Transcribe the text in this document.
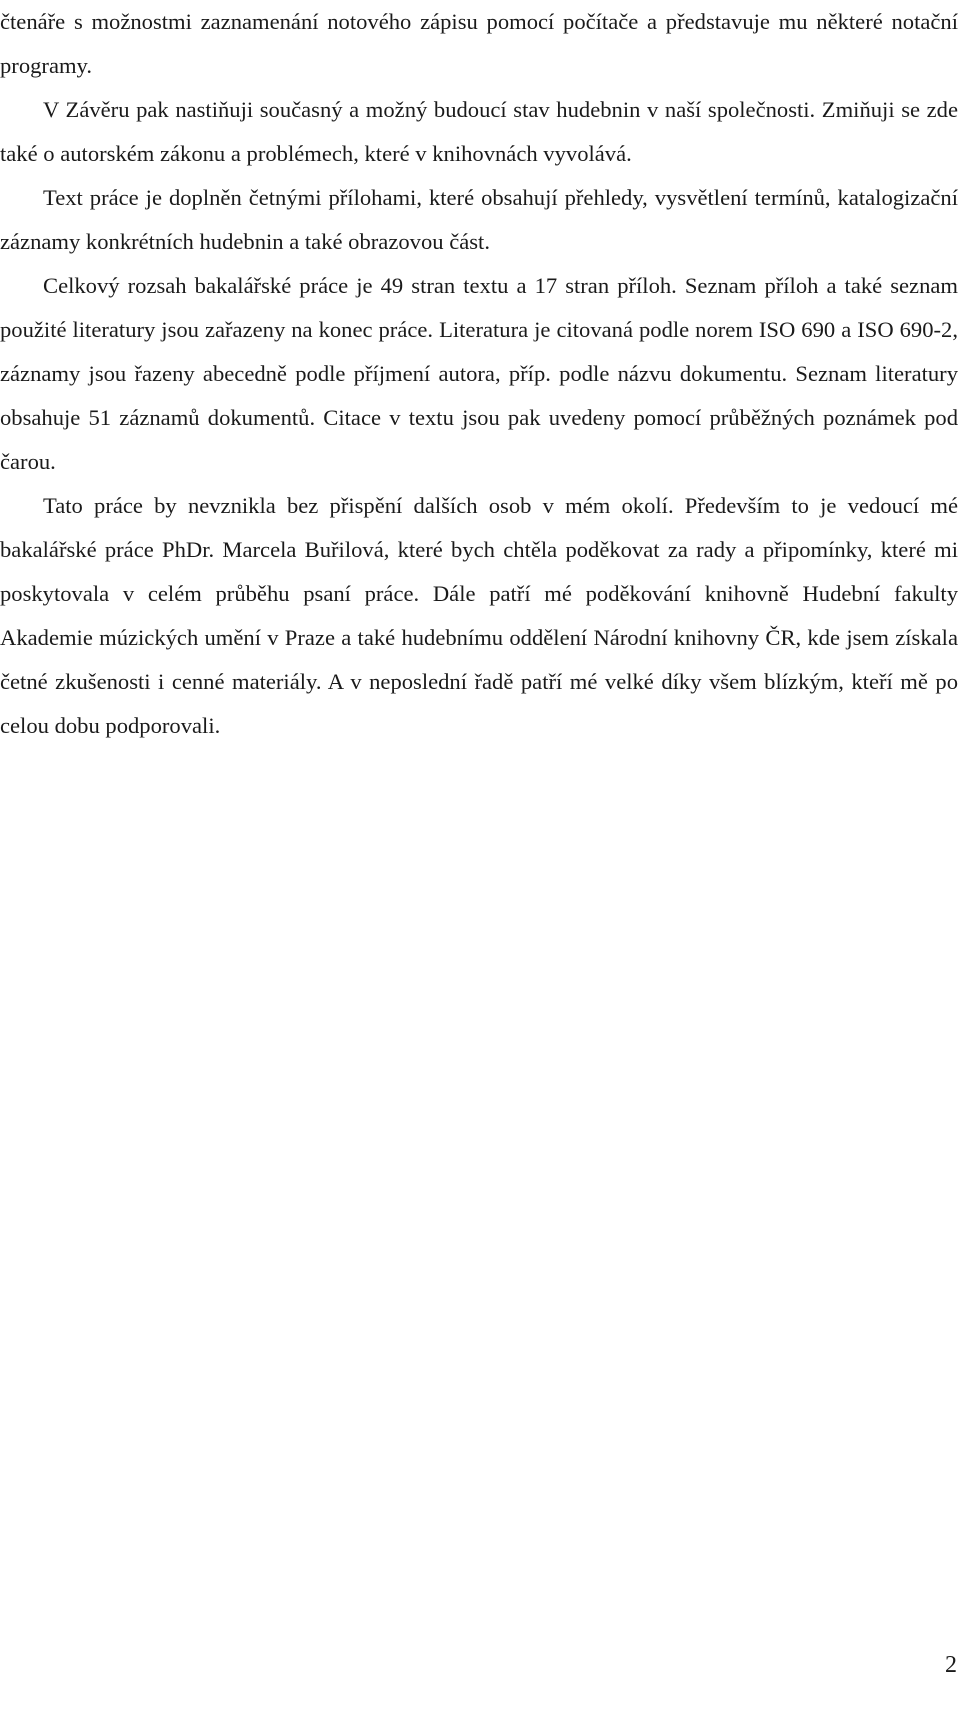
čtenáře s možnostmi zaznamenání notového zápisu pomocí počítače a představuje mu některé notační programy.

V Závěru pak nastiňuji současný a možný budoucí stav hudebnin v naší společnosti. Zmiňuji se zde také o autorském zákonu a problémech, které v knihovnách vyvolává.

Text práce je doplněn četnými přílohami, které obsahují přehledy, vysvětlení termínů, katalogizační záznamy konkrétních hudebnin a také obrazovou část.

Celkový rozsah bakalářské práce je 49 stran textu a 17 stran příloh. Seznam příloh a také seznam použité literatury jsou zařazeny na konec práce. Literatura je citovaná podle norem ISO 690 a ISO 690-2, záznamy jsou řazeny abecedně podle příjmení autora, příp. podle názvu dokumentu. Seznam literatury obsahuje 51 záznamů dokumentů. Citace v textu jsou pak uvedeny pomocí průběžných poznámek pod čarou.

Tato práce by nevznikla bez přispění dalších osob v mém okolí. Především to je vedoucí mé bakalářské práce PhDr. Marcela Buřilová, které bych chtěla poděkovat za rady a připomínky, které mi poskytovala v celém průběhu psaní práce. Dále patří mé poděkování knihovně Hudební fakulty Akademie múzických umění v Praze a také hudebnímu oddělení Národní knihovny ČR, kde jsem získala četné zkušenosti i cenné materiály. A v neposlední řadě patří mé velké díky všem blízkým, kteří mě po celou dobu podporovali.

2
